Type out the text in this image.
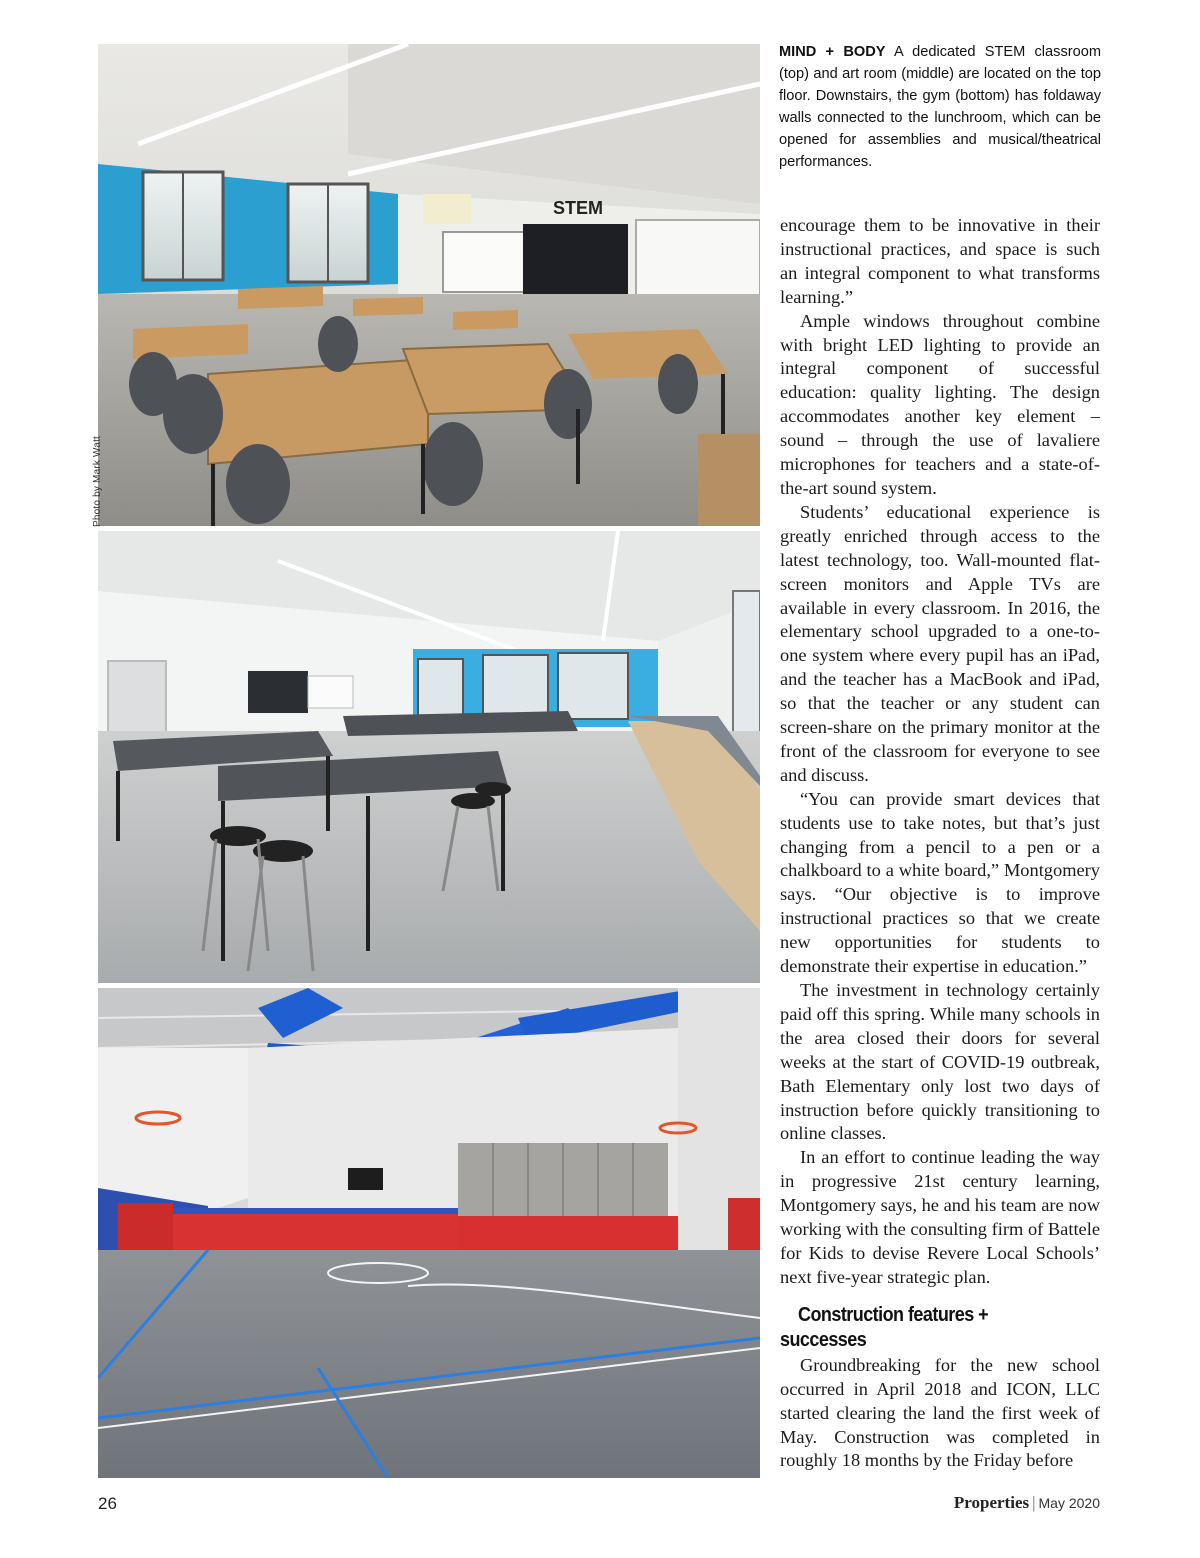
STEM
Photo by Mark Watt
MIND + BODY A dedicated STEM classroom (top) and art room (middle) are located on the top floor. Downstairs, the gym (bottom) has foldaway walls connected to the lunchroom, which can be opened for assemblies and musical/theatrical performances.

encourage them to be innovative in their instructional practices, and space is such an integral component to what transforms learning.”

Ample windows throughout combine with bright LED lighting to provide an integral component of successful education: quality lighting. The design accommodates another key element – sound – through the use of lavaliere microphones for teachers and a state-of-the-art sound system.

Students’ educational experience is greatly enriched through access to the latest technology, too. Wall-mounted flat-screen monitors and Apple TVs are available in every classroom. In 2016, the elementary school upgraded to a one-to-one system where every pupil has an iPad, and the teacher has a MacBook and iPad, so that the teacher or any student can screen-share on the primary monitor at the front of the classroom for everyone to see and discuss.

“You can provide smart devices that students use to take notes, but that’s just changing from a pencil to a pen or a chalkboard to a white board,” Montgomery says. “Our objective is to improve instructional practices so that we create new opportunities for students to demonstrate their expertise in education.”

The investment in technology certainly paid off this spring. While many schools in the area closed their doors for several weeks at the start of COVID-19 outbreak, Bath Elementary only lost two days of instruction before quickly transitioning to online classes.

In an effort to continue leading the way in progressive 21st century learning, Montgomery says, he and his team are now working with the consulting firm of Battele for Kids to devise Revere Local Schools’ next five-year strategic plan.

Construction features + successes

Groundbreaking for the new school occurred in April 2018 and ICON, LLC started clearing the land the first week of May. Construction was completed in roughly 18 months by the Friday before

26	Properties | May 2020
